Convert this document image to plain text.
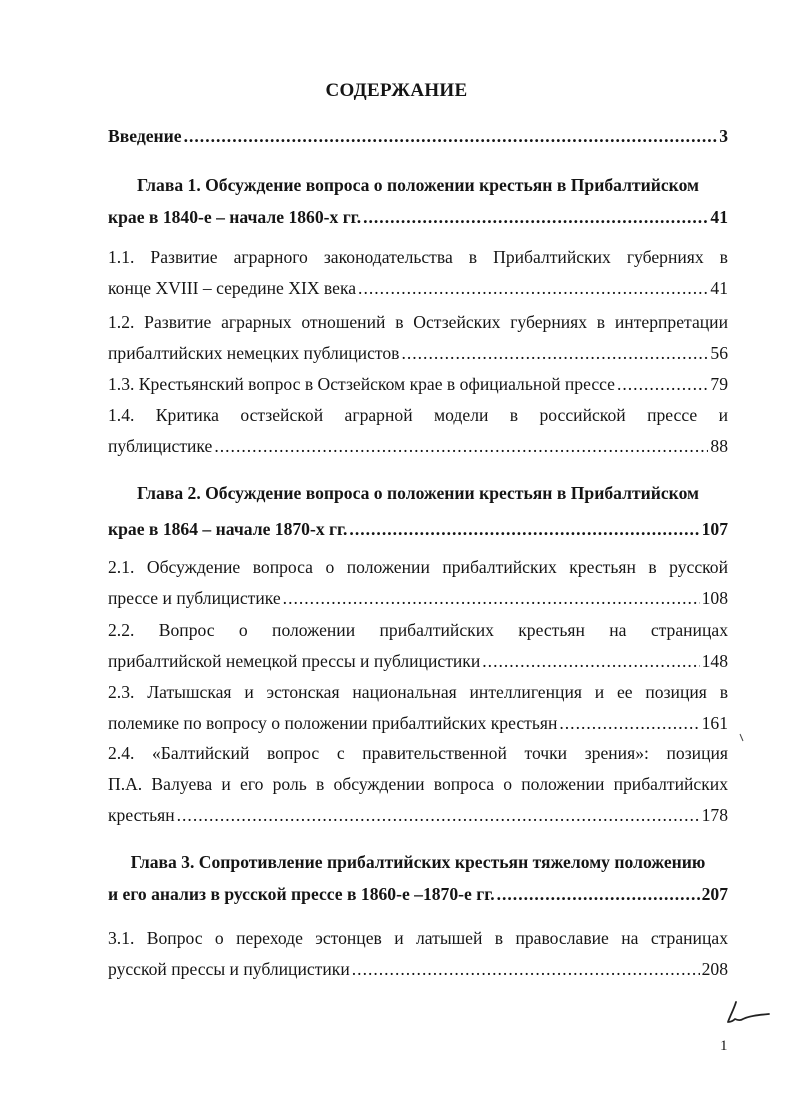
СОДЕРЖАНИЕ
Введение .....	3
Глава 1. Обсуждение вопроса о положении крестьян в Прибалтийском
крае в 1840-е – начале 1860-х гг. .....	41
1.1. Развитие аграрного законодательства в Прибалтийских губерниях в
конце XVIII – середине XIX века .....	41
1.2. Развитие аграрных отношений в Остзейских губерниях в интерпретации
прибалтийских немецких публицистов .....	56
1.3. Крестьянский вопрос в Остзейском крае в официальной прессе .....	79
1.4. Критика остзейской аграрной модели в российской прессе и
публицистике .....	88
Глава 2. Обсуждение вопроса о положении крестьян в Прибалтийском
крае в 1864 – начале 1870-х гг. .....	107
2.1. Обсуждение вопроса о положении прибалтийских крестьян в русской
прессе и публицистике .....	108
2.2. Вопрос о положении прибалтийских крестьян на страницах
прибалтийской немецкой прессы и публицистики .....	148
2.3. Латышская и эстонская национальная интеллигенция и ее позиция в
полемике по вопросу о положении прибалтийских крестьян .....	161
2.4. «Балтийский вопрос с правительственной точки зрения»: позиция
П.А. Валуева и его роль в обсуждении вопроса о положении прибалтийских
крестьян .....	178
Глава 3. Сопротивление прибалтийских крестьян тяжелому положению
и его анализ в русской прессе в 1860-е –1870-е гг. .....	207
3.1. Вопрос о переходе эстонцев и латышей в православие на страницах
русской прессы и публицистики .....	208
1
